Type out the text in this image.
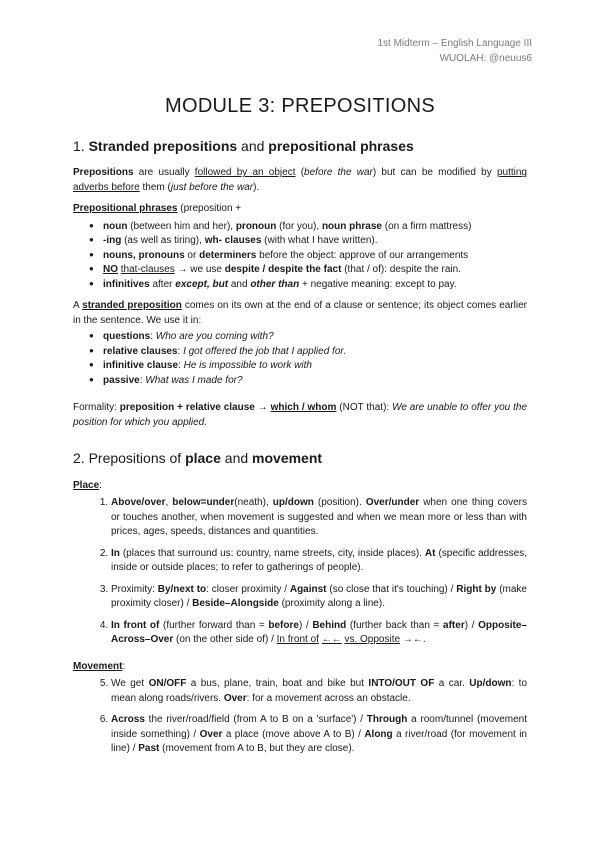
1st Midterm – English Language III
WUOLAH: @neuus6
MODULE 3: PREPOSITIONS
1. Stranded prepositions and prepositional phrases

Prepositions are usually followed by an object (before the war) but can be modified by putting adverbs before them (just before the war).

Prepositional phrases (preposition +
● noun (between him and her), pronoun (for you), noun phrase (on a firm mattress)
● -ing (as well as tiring), wh- clauses (with what I have written).
● nouns, pronouns or determiners before the object: approve of our arrangements
● NO that-clauses → we use despite / despite the fact (that / of): despite the rain.
● infinitives after except, but and other than + negative meaning: except to pay.

A stranded preposition comes on its own at the end of a clause or sentence; its object comes earlier in the sentence. We use it in:

● questions: Who are you coming with?
● relative clauses: I got offered the job that I applied for.
● infinitive clause: He is impossible to work with
● passive: What was I made for?

Formality: preposition + relative clause → which / whom (NOT that): We are unable to offer you the position for which you applied.

2. Prepositions of place and movement
Place:
1. Above/over, below=under(neath), up/down (position). Over/under when one thing covers or touches another, when movement is suggested and when we mean more or less than with prices, ages, speeds, distances and quantities.
2. In (places that surround us: country, name streets, city, inside places). At (specific addresses, inside or outside places; to refer to gatherings of people).
3. Proximity: By/next to: closer proximity / Against (so close that it's touching) / Right by (make proximity closer) / Beside–Alongside (proximity along a line).
4. In front of (further forward than = before) / Behind (further back than = after) / Opposite–Across–Over (on the other side of) / In front of ←← vs. Opposite →←.
Movement:
5. We get ON/OFF a bus, plane, train, boat and bike but INTO/OUT OF a car. Up/down: to mean along roads/rivers. Over: for a movement across an obstacle.
6. Across the river/road/field (from A to B on a 'surface') / Through a room/tunnel (movement inside something) / Over a place (move above A to B) / Along a river/road (for movement in line) / Past (movement from A to B, but they are close).
